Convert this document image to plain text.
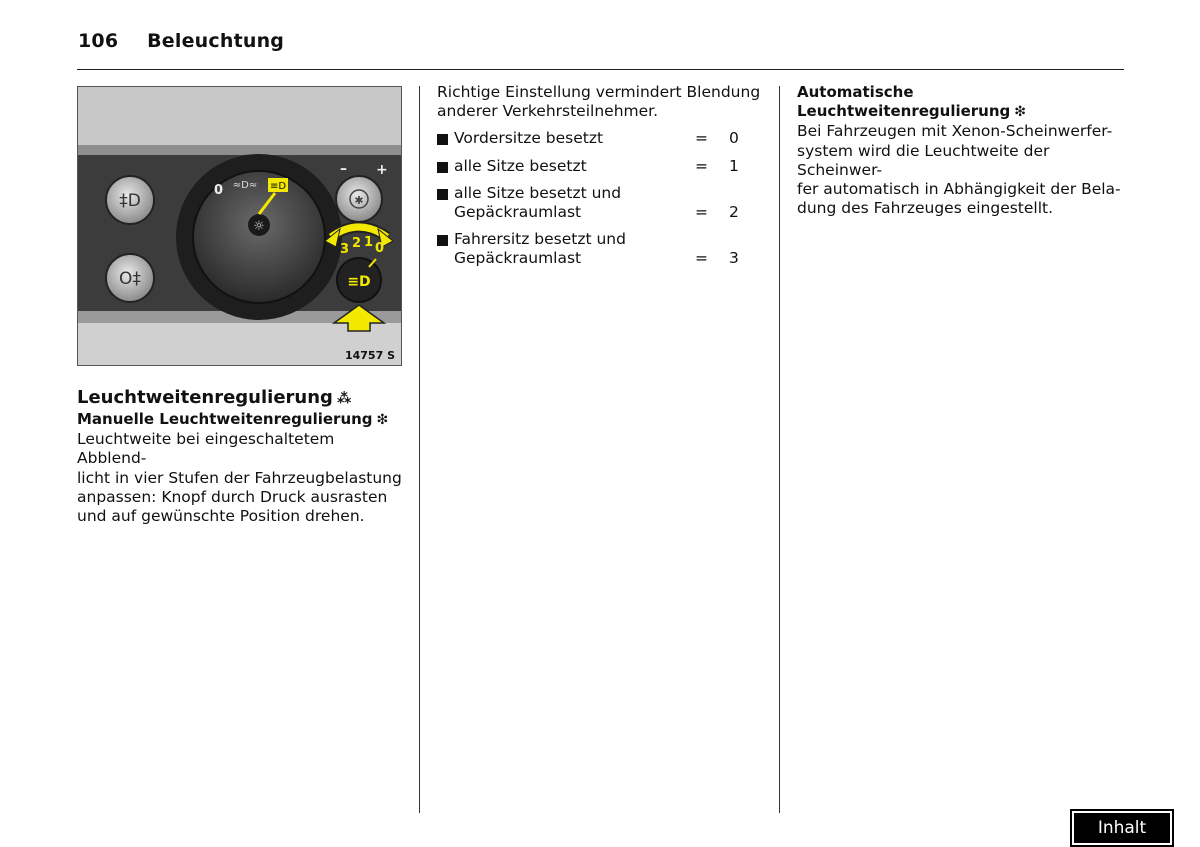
106 Beleuchtung
‡D
O‡
☼
0 ≈D≈ ≡D
– +
✱
3 2 1 0
≡D
14757 S
Leuchtweitenregulierung ⁂
Manuelle Leuchtweitenregulierung ❇
Leuchtweite bei eingeschaltetem Abblend-
licht in vier Stufen der Fahrzeugbelastung
anpassen: Knopf durch Druck ausrasten
und auf gewünschte Position drehen.
Richtige Einstellung vermindert Blendung
anderer Verkehrsteilnehmer.
Vordersitze besetzt	= 0
alle Sitze besetzt	= 1
alle Sitze besetzt und
Gepäckraumlast	= 2
Fahrersitz besetzt und
Gepäckraumlast	= 3
Automatische
Leuchtweitenregulierung ❇
Bei Fahrzeugen mit Xenon-Scheinwerfer-
system wird die Leuchtweite der Scheinwer-
fer automatisch in Abhängigkeit der Bela-
dung des Fahrzeuges eingestellt.
Inhalt
